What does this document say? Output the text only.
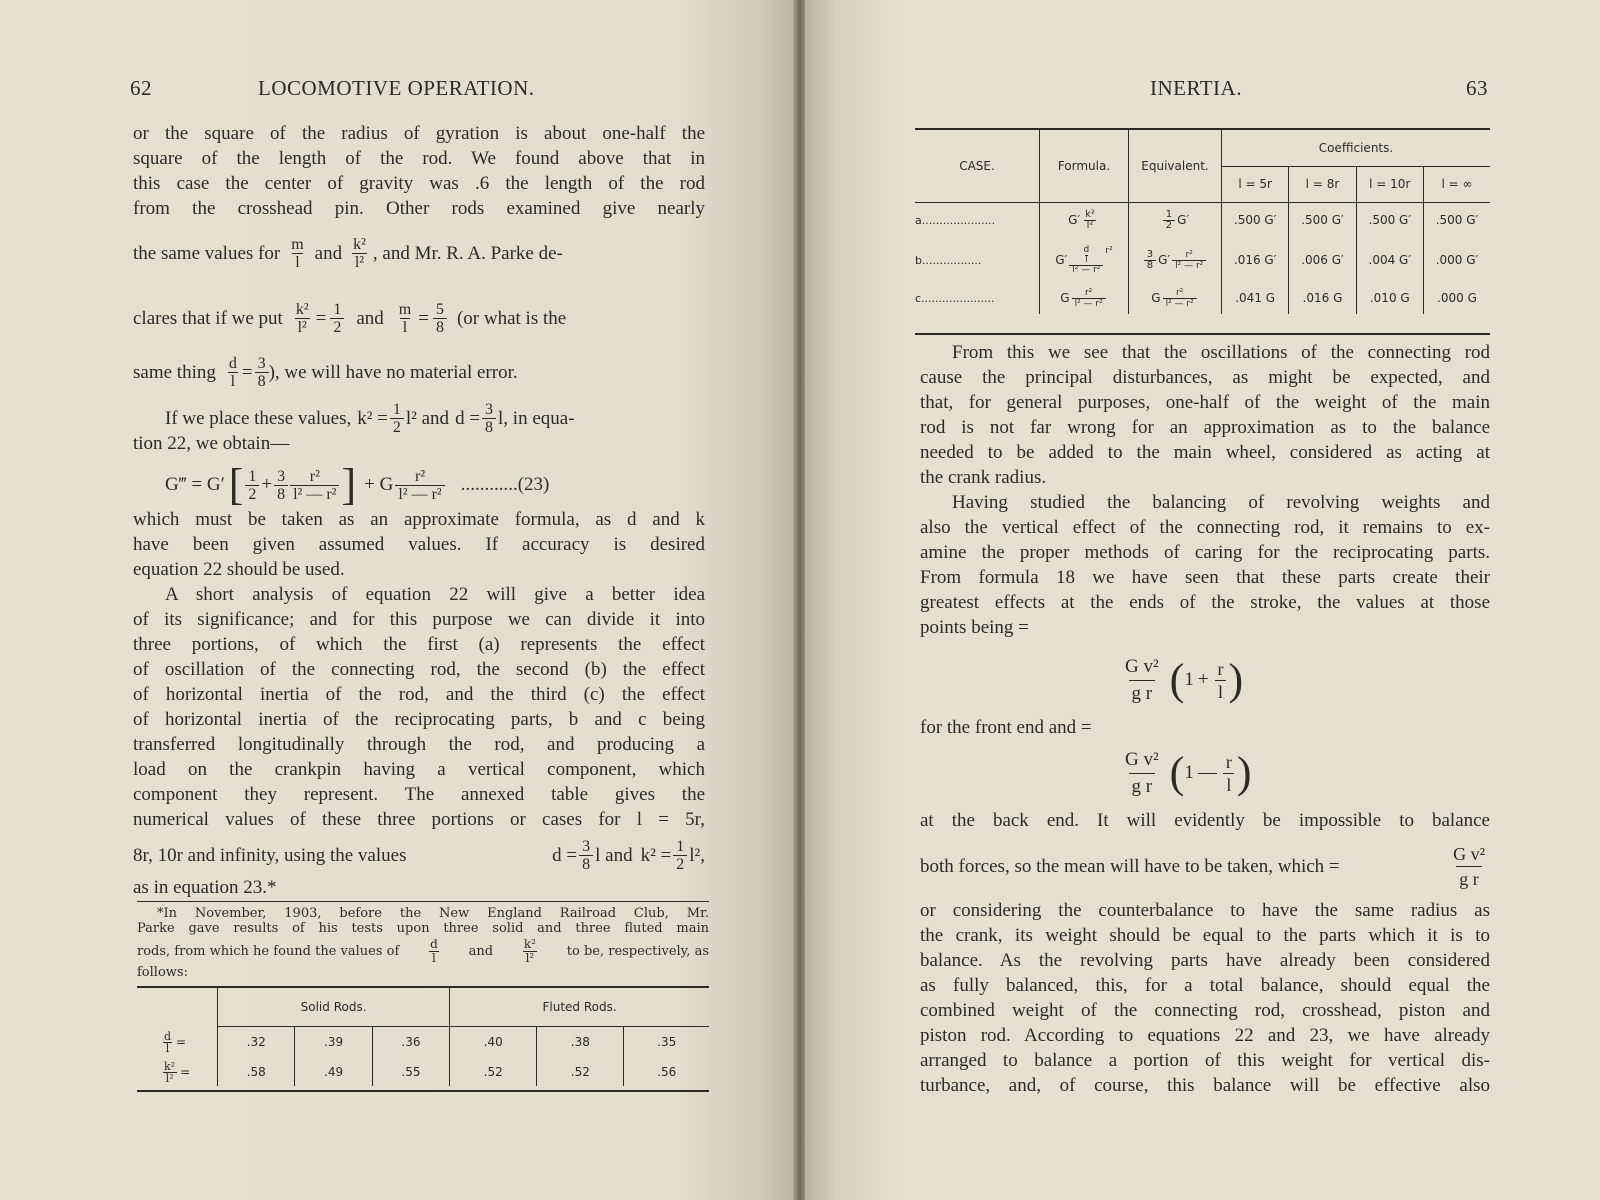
62	LOCOMOTIVE OPERATION.
or the square of the radius of gyration is about one-half the
square of the length of the rod. We found above that in
this case the center of gravity was .6 the length of the rod
from the crosshead pin. Other rods examined give nearly
the same values for m
l and k²
l² , and Mr. R. A. Parke de-
clares that if we put $\frac{\text{k²}}{\text{l²}} = \frac{1}{2}$ and $\frac{m}{l} = \frac{5}{8} (or$ what is the
same thing $\frac{d}{l} = \frac{3}{8}$ ), we will have no material error.
If we place these values, $k^2 = \frac{1}{2} l^2$ and $d = \frac{3}{8} l$, in equa-
tion 22, we obtain—
G‴ = G′ [ 1
$2 + \frac{3}{8} r^2$
l² — r² ] + G r²
l² — r² ............(23)
which must be taken as an approximate formula, as d and k
have been given assumed values. If accuracy is desired
equation 22 should be used.
A short analysis of equation 22 will give a better idea
of its significance; and for this purpose we can divide it into
three portions, of which the first (a) represents the effect
of oscillation of the connecting rod, the second (b) the effect
of horizontal inertia of the rod, and the third (c) the effect
of horizontal inertia of the reciprocating parts, b and c being
transferred longitudinally through the rod, and producing a
load on the crankpin having a vertical component, which
component they represent. The annexed table gives the
numerical values of these three portions or cases for l = 5r,
8r, 10r and infinity, using the values	$d = \frac{3}{8}$ l and $k^2 = \frac{1}{2} l^2$,
as in equation 23.*
*In November, 1903, before the New England Railroad Club, Mr.
Parke gave results of his tests upon three solid and three fluted main
rods, from which he found the values of	d
l	and	k²
l²	to be, respectively, as
follows:
	Solid Rods.			Fluted Rods.		

$\frac{d}{l}$ =	.32	.39	.36	.40	.38	.35

$\frac{\text{k²}}{\text{l²}}$ =	.58	.49	.55	.52	.52	.56
INERTIA.	63
CASE.	Formula.	Equivalent.	Coefficients.			
			l = 5r	l = 8r	l = 10r	l = ∞
a.....................	$G' \frac{\text{k²}}{\text{l²}}$	$\frac{1}{2} G'$	.500 G′	.500 G′	.500 G′	.500 G′
b.................	G′ d
l
l² — r² $^{r^2}$	$\frac{3}{8} G' \frac{\text{r²}}{\text{l² — r²}}$	.016 G′	.006 G′	.004 G′	.000 G′
c.....................	G $\frac{\text{r²}}{\text{l² — r²}}$	G $\frac{\text{r²}}{\text{l² — r²}}$	.041 G	.016 G	.010 G	.000 G
From this we see that the oscillations of the connecting rod
cause the principal disturbances, as might be expected, and
that, for general purposes, one-half of the weight of the main
rod is not far wrong for an approximation as to the balance
needed to be added to the main wheel, considered as acting at
the crank radius.
Having studied the balancing of revolving weights and
also the vertical effect of the connecting rod, it remains to ex-
amine the proper methods of caring for the reciprocating parts.
From formula 18 we have seen that these parts create their
greatest effects at the ends of the stroke, the values at those
points being =
G v²
g r ( $1 + \frac{r}{l}$ )
for the front end and =
G v²
g r ( 1 —
r
l )
at the back end. It will evidently be impossible to balance
both forces, so the mean will have to be taken, which =	$\frac{\text{G v²}}{\text{g r}}$
or considering the counterbalance to have the same radius as
the crank, its weight should be equal to the parts which it is to
balance. As the revolving parts have already been considered
as fully balanced, this, for a total balance, should equal the
combined weight of the connecting rod, crosshead, piston and
piston rod. According to equations 22 and 23, we have already
arranged to balance a portion of this weight for vertical dis-
turbance, and, of course, this balance will be effective also
